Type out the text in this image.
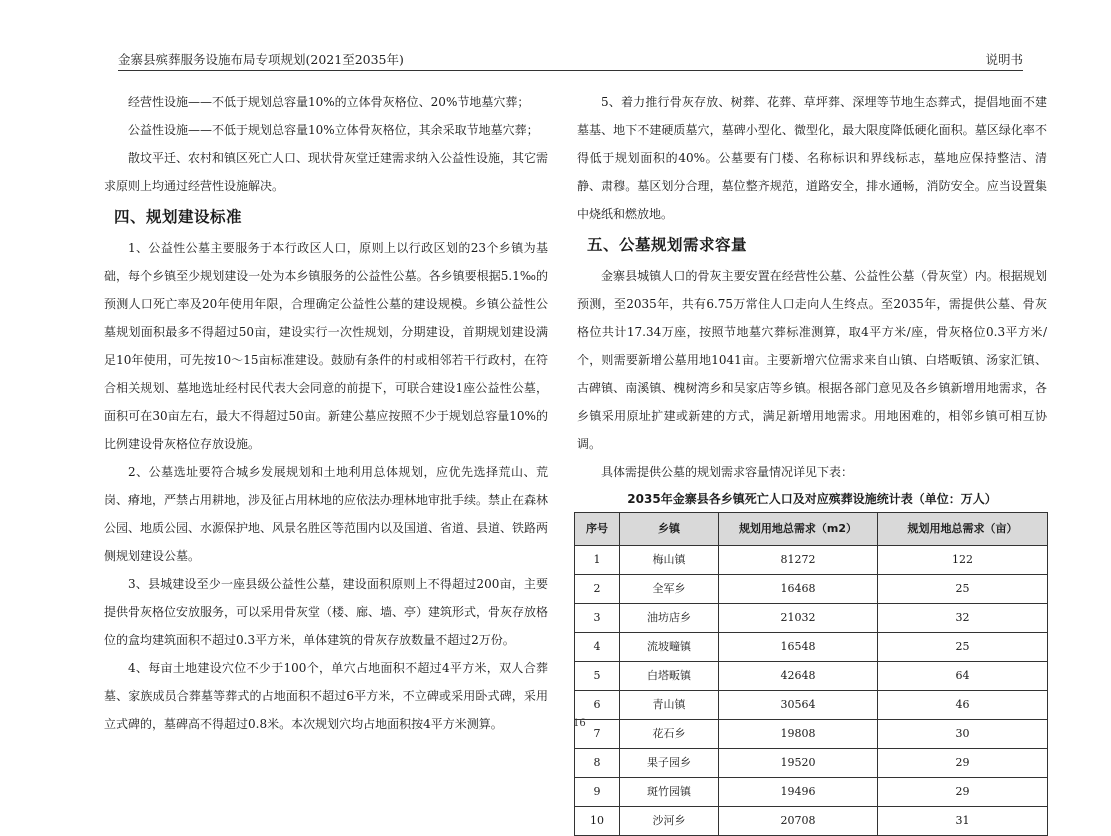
金寨县殡葬服务设施布局专项规划(2021至2035年)	说明书

经营性设施——不低于规划总容量10%的立体骨灰格位、20%节地墓穴葬；

公益性设施——不低于规划总容量10%立体骨灰格位，其余采取节地墓穴葬；

散坟平迁、农村和镇区死亡人口、现状骨灰堂迁建需求纳入公益性设施，其它需求原则上均通过经营性设施解决。

四、规划建设标准

1、公益性公墓主要服务于本行政区人口，原则上以行政区划的23个乡镇为基础，每个乡镇至少规划建设一处为本乡镇服务的公益性公墓。各乡镇要根据5.1‰的预测人口死亡率及20年使用年限，合理确定公益性公墓的建设规模。乡镇公益性公墓规划面积最多不得超过50亩，建设实行一次性规划，分期建设，首期规划建设满足10年使用，可先按10～15亩标准建设。鼓励有条件的村或相邻若干行政村，在符合相关规划、墓地选址经村民代表大会同意的前提下，可联合建设1座公益性公墓，面积可在30亩左右，最大不得超过50亩。新建公墓应按照不少于规划总容量10%的比例建设骨灰格位存放设施。

2、公墓选址要符合城乡发展规划和土地利用总体规划，应优先选择荒山、荒岗、瘠地，严禁占用耕地，涉及征占用林地的应依法办理林地审批手续。禁止在森林公园、地质公园、水源保护地、风景名胜区等范围内以及国道、省道、县道、铁路两侧规划建设公墓。

3、县城建设至少一座县级公益性公墓，建设面积原则上不得超过200亩，主要提供骨灰格位安放服务，可以采用骨灰堂（楼、廊、墙、亭）建筑形式，骨灰存放格位的盒均建筑面积不超过0.3平方米，单体建筑的骨灰存放数量不超过2万份。

4、每亩土地建设穴位不少于100个，单穴占地面积不超过4平方米，双人合葬墓、家族成员合葬墓等葬式的占地面积不超过6平方米，不立碑或采用卧式碑，采用立式碑的，墓碑高不得超过0.8米。本次规划穴均占地面积按4平方米测算。

5、着力推行骨灰存放、树葬、花葬、草坪葬、深埋等节地生态葬式，提倡地面不建墓基、地下不建硬质墓穴，墓碑小型化、微型化，最大限度降低硬化面积。墓区绿化率不得低于规划面积的40%。公墓要有门楼、名称标识和界线标志，墓地应保持整洁、清静、肃穆。墓区划分合理，墓位整齐规范，道路安全，排水通畅，消防安全。应当设置集中烧纸和燃放地。

五、公墓规划需求容量

金寨县城镇人口的骨灰主要安置在经营性公墓、公益性公墓（骨灰堂）内。根据规划预测，至2035年，共有6.75万常住人口走向人生终点。至2035年，需提供公墓、骨灰格位共计17.34万座，按照节地墓穴葬标准测算，取4平方米/座，骨灰格位0.3平方米/个，则需要新增公墓用地1041亩。主要新增穴位需求来自山镇、白塔畈镇、汤家汇镇、古碑镇、南溪镇、槐树湾乡和吴家店等乡镇。根据各部门意见及各乡镇新增用地需求，各乡镇采用原址扩建或新建的方式，满足新增用地需求。用地困难的，相邻乡镇可相互协调。

具体需提供公墓的规划需求容量情况详见下表：

2035年金寨县各乡镇死亡人口及对应殡葬设施统计表（单位：万人）
序号	乡镇	规划用地总需求（m2）	规划用地总需求（亩）
1	梅山镇	81272	122
2	全军乡	16468	25
3	油坊店乡	21032	32
4	流坡疃镇	16548	25
5	白塔畈镇	42648	64
6	青山镇	30564	46
7	花石乡	19808	30
8	果子园乡	19520	29
9	斑竹园镇	19496	29
10	沙河乡	20708	31
16
